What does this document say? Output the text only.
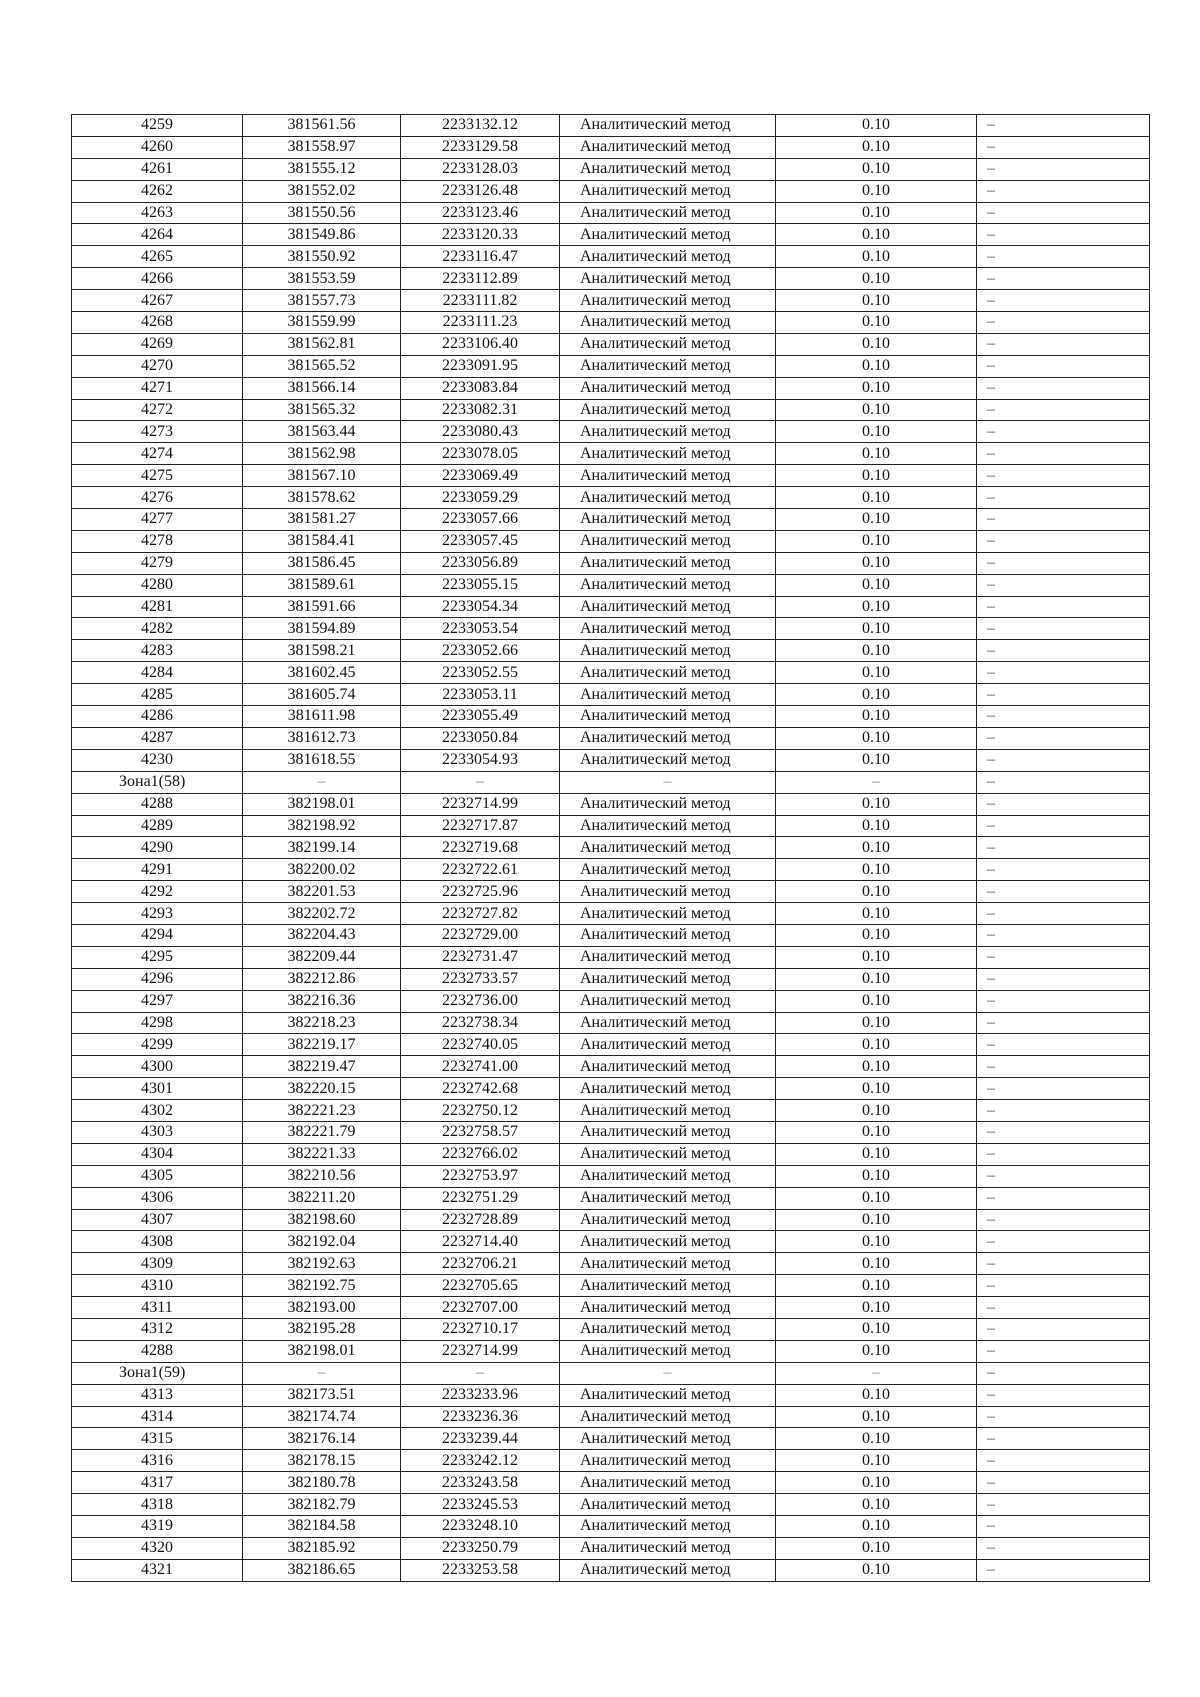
4259	381561.56	2233132.12	Аналитический метод	0.10	–
4260	381558.97	2233129.58	Аналитический метод	0.10	–
4261	381555.12	2233128.03	Аналитический метод	0.10	–
4262	381552.02	2233126.48	Аналитический метод	0.10	–
4263	381550.56	2233123.46	Аналитический метод	0.10	–
4264	381549.86	2233120.33	Аналитический метод	0.10	–
4265	381550.92	2233116.47	Аналитический метод	0.10	–
4266	381553.59	2233112.89	Аналитический метод	0.10	–
4267	381557.73	2233111.82	Аналитический метод	0.10	–
4268	381559.99	2233111.23	Аналитический метод	0.10	–
4269	381562.81	2233106.40	Аналитический метод	0.10	–
4270	381565.52	2233091.95	Аналитический метод	0.10	–
4271	381566.14	2233083.84	Аналитический метод	0.10	–
4272	381565.32	2233082.31	Аналитический метод	0.10	–
4273	381563.44	2233080.43	Аналитический метод	0.10	–
4274	381562.98	2233078.05	Аналитический метод	0.10	–
4275	381567.10	2233069.49	Аналитический метод	0.10	–
4276	381578.62	2233059.29	Аналитический метод	0.10	–
4277	381581.27	2233057.66	Аналитический метод	0.10	–
4278	381584.41	2233057.45	Аналитический метод	0.10	–
4279	381586.45	2233056.89	Аналитический метод	0.10	–
4280	381589.61	2233055.15	Аналитический метод	0.10	–
4281	381591.66	2233054.34	Аналитический метод	0.10	–
4282	381594.89	2233053.54	Аналитический метод	0.10	–
4283	381598.21	2233052.66	Аналитический метод	0.10	–
4284	381602.45	2233052.55	Аналитический метод	0.10	–
4285	381605.74	2233053.11	Аналитический метод	0.10	–
4286	381611.98	2233055.49	Аналитический метод	0.10	–
4287	381612.73	2233050.84	Аналитический метод	0.10	–
4230	381618.55	2233054.93	Аналитический метод	0.10	–
Зона1(58)	–	–	–	–	–
4288	382198.01	2232714.99	Аналитический метод	0.10	–
4289	382198.92	2232717.87	Аналитический метод	0.10	–
4290	382199.14	2232719.68	Аналитический метод	0.10	–
4291	382200.02	2232722.61	Аналитический метод	0.10	–
4292	382201.53	2232725.96	Аналитический метод	0.10	–
4293	382202.72	2232727.82	Аналитический метод	0.10	–
4294	382204.43	2232729.00	Аналитический метод	0.10	–
4295	382209.44	2232731.47	Аналитический метод	0.10	–
4296	382212.86	2232733.57	Аналитический метод	0.10	–
4297	382216.36	2232736.00	Аналитический метод	0.10	–
4298	382218.23	2232738.34	Аналитический метод	0.10	–
4299	382219.17	2232740.05	Аналитический метод	0.10	–
4300	382219.47	2232741.00	Аналитический метод	0.10	–
4301	382220.15	2232742.68	Аналитический метод	0.10	–
4302	382221.23	2232750.12	Аналитический метод	0.10	–
4303	382221.79	2232758.57	Аналитический метод	0.10	–
4304	382221.33	2232766.02	Аналитический метод	0.10	–
4305	382210.56	2232753.97	Аналитический метод	0.10	–
4306	382211.20	2232751.29	Аналитический метод	0.10	–
4307	382198.60	2232728.89	Аналитический метод	0.10	–
4308	382192.04	2232714.40	Аналитический метод	0.10	–
4309	382192.63	2232706.21	Аналитический метод	0.10	–
4310	382192.75	2232705.65	Аналитический метод	0.10	–
4311	382193.00	2232707.00	Аналитический метод	0.10	–
4312	382195.28	2232710.17	Аналитический метод	0.10	–
4288	382198.01	2232714.99	Аналитический метод	0.10	–
Зона1(59)	–	–	–	–	–
4313	382173.51	2233233.96	Аналитический метод	0.10	–
4314	382174.74	2233236.36	Аналитический метод	0.10	–
4315	382176.14	2233239.44	Аналитический метод	0.10	–
4316	382178.15	2233242.12	Аналитический метод	0.10	–
4317	382180.78	2233243.58	Аналитический метод	0.10	–
4318	382182.79	2233245.53	Аналитический метод	0.10	–
4319	382184.58	2233248.10	Аналитический метод	0.10	–
4320	382185.92	2233250.79	Аналитический метод	0.10	–
4321	382186.65	2233253.58	Аналитический метод	0.10	–
